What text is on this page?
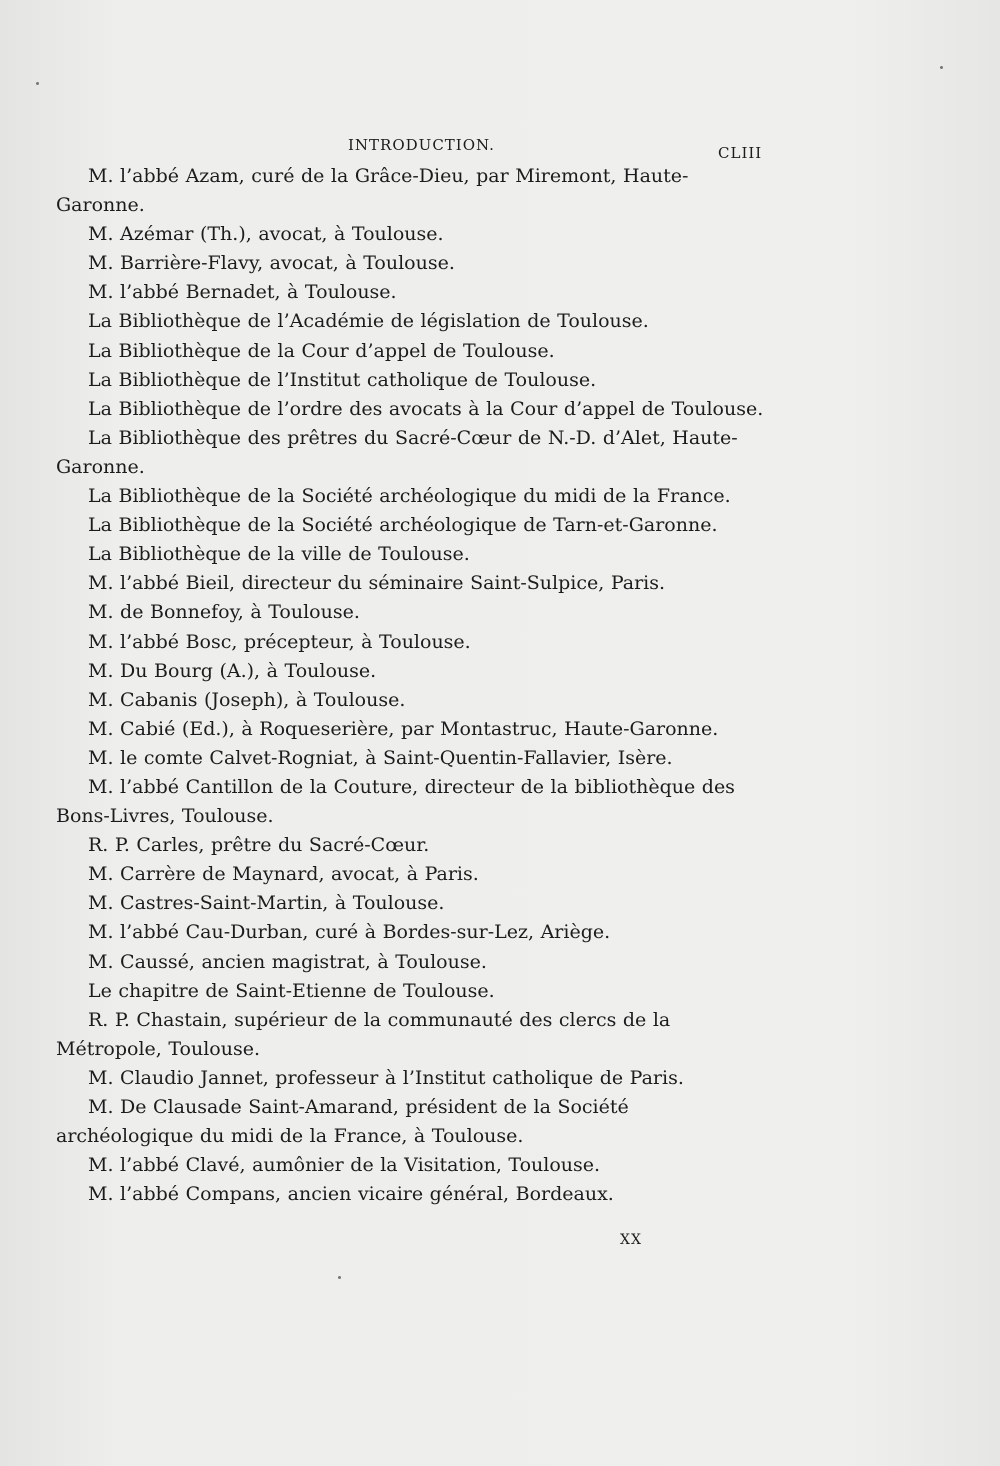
INTRODUCTION.	CLIII
M. l’abbé Azam, curé de la Grâce-Dieu, par Miremont, Haute-Garonne.
M. Azémar (Th.), avocat, à Toulouse.
M. Barrière-Flavy, avocat, à Toulouse.
M. l’abbé Bernadet, à Toulouse.
La Bibliothèque de l’Académie de législation de Toulouse.
La Bibliothèque de la Cour d’appel de Toulouse.
La Bibliothèque de l’Institut catholique de Toulouse.
La Bibliothèque de l’ordre des avocats à la Cour d’appel de Toulouse.
La Bibliothèque des prêtres du Sacré-Cœur de N.-D. d’Alet, Haute-Garonne.
La Bibliothèque de la Société archéologique du midi de la France.
La Bibliothèque de la Société archéologique de Tarn-et-Garonne.
La Bibliothèque de la ville de Toulouse.
M. l’abbé Bieil, directeur du séminaire Saint-Sulpice, Paris.
M. de Bonnefoy, à Toulouse.
M. l’abbé Bosc, précepteur, à Toulouse.
M. Du Bourg (A.), à Toulouse.
M. Cabanis (Joseph), à Toulouse.
M. Cabié (Ed.), à Roqueserière, par Montastruc, Haute-Garonne.
M. le comte Calvet-Rogniat, à Saint-Quentin-Fallavier, Isère.
M. l’abbé Cantillon de la Couture, directeur de la bibliothèque des Bons-Livres, Toulouse.
R. P. Carles, prêtre du Sacré-Cœur.
M. Carrère de Maynard, avocat, à Paris.
M. Castres-Saint-Martin, à Toulouse.
M. l’abbé Cau-Durban, curé à Bordes-sur-Lez, Ariège.
M. Caussé, ancien magistrat, à Toulouse.
Le chapitre de Saint-Etienne de Toulouse.
R. P. Chastain, supérieur de la communauté des clercs de la Métropole, Toulouse.
M. Claudio Jannet, professeur à l’Institut catholique de Paris.
M. De Clausade Saint-Amarand, président de la Société archéologique du midi de la France, à Toulouse.
M. l’abbé Clavé, aumônier de la Visitation, Toulouse.
M. l’abbé Compans, ancien vicaire général, Bordeaux.
XX
